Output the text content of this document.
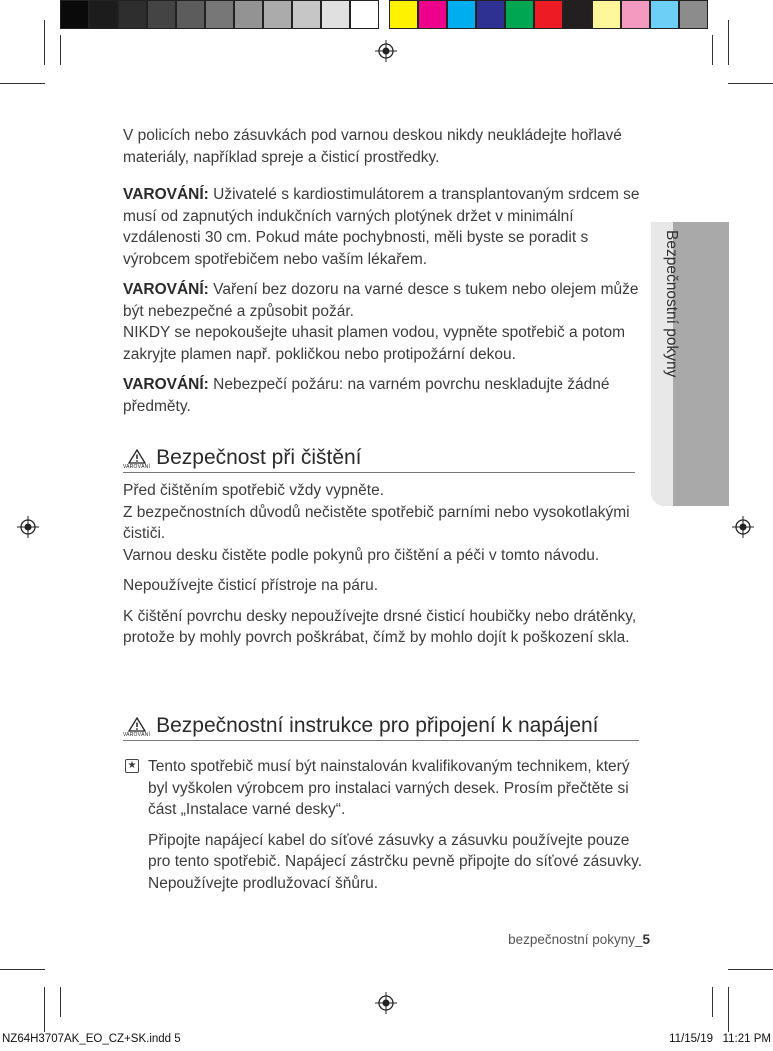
Bezpečnostní pokyny

V policích nebo zásuvkách pod varnou deskou nikdy neukládejte hořlavé materiály, například spreje a čisticí prostředky.

VAROVÁNÍ: Uživatelé s kardiostimulátorem a transplantovaným srdcem se musí od zapnutých indukčních varných plotýnek držet v minimální vzdálenosti 30 cm. Pokud máte pochybnosti, měli byste se poradit s výrobcem spotřebičem nebo vaším lékařem.

VAROVÁNÍ: Vaření bez dozoru na varné desce s tukem nebo olejem může být nebezpečné a způsobit požár.

NIKDY se nepokoušejte uhasit plamen vodou, vypněte spotřebič a potom zakryjte plamen např. pokličkou nebo protipožární dekou.

VAROVÁNÍ: Nebezpečí požáru: na varném povrchu neskladujte žádné předměty.

VAROVÁNÍ Bezpečnost při čištění

Před čištěním spotřebič vždy vypněte.

Z bezpečnostních důvodů nečistěte spotřebič parními nebo vysokotlakými čističi.

Varnou desku čistěte podle pokynů pro čištění a péči v tomto návodu.

Nepoužívejte čisticí přístroje na páru.

K čištění povrchu desky nepoužívejte drsné čisticí houbičky nebo drátěnky, protože by mohly povrch poškrábat, čímž by mohlo dojít k poškození skla.

VAROVÁNÍ Bezpečnostní instrukce pro připojení k napájení
★ Tento spotřebič musí být nainstalován kvalifikovaným technikem, který byl vyškolen výrobcem pro instalaci varných desek. Prosím přečtěte si část „Instalace varné desky“.

Připojte napájecí kabel do síťové zásuvky a zásuvku používejte pouze pro tento spotřebič. Napájecí zástrčku pevně připojte do síťové zásuvky. Nepoužívejte prodlužovací šňůru.

bezpečnostní pokyny_5
NZ64H3707AK_EO_CZ+SK.indd 5	11/15/19   11:21 PM
